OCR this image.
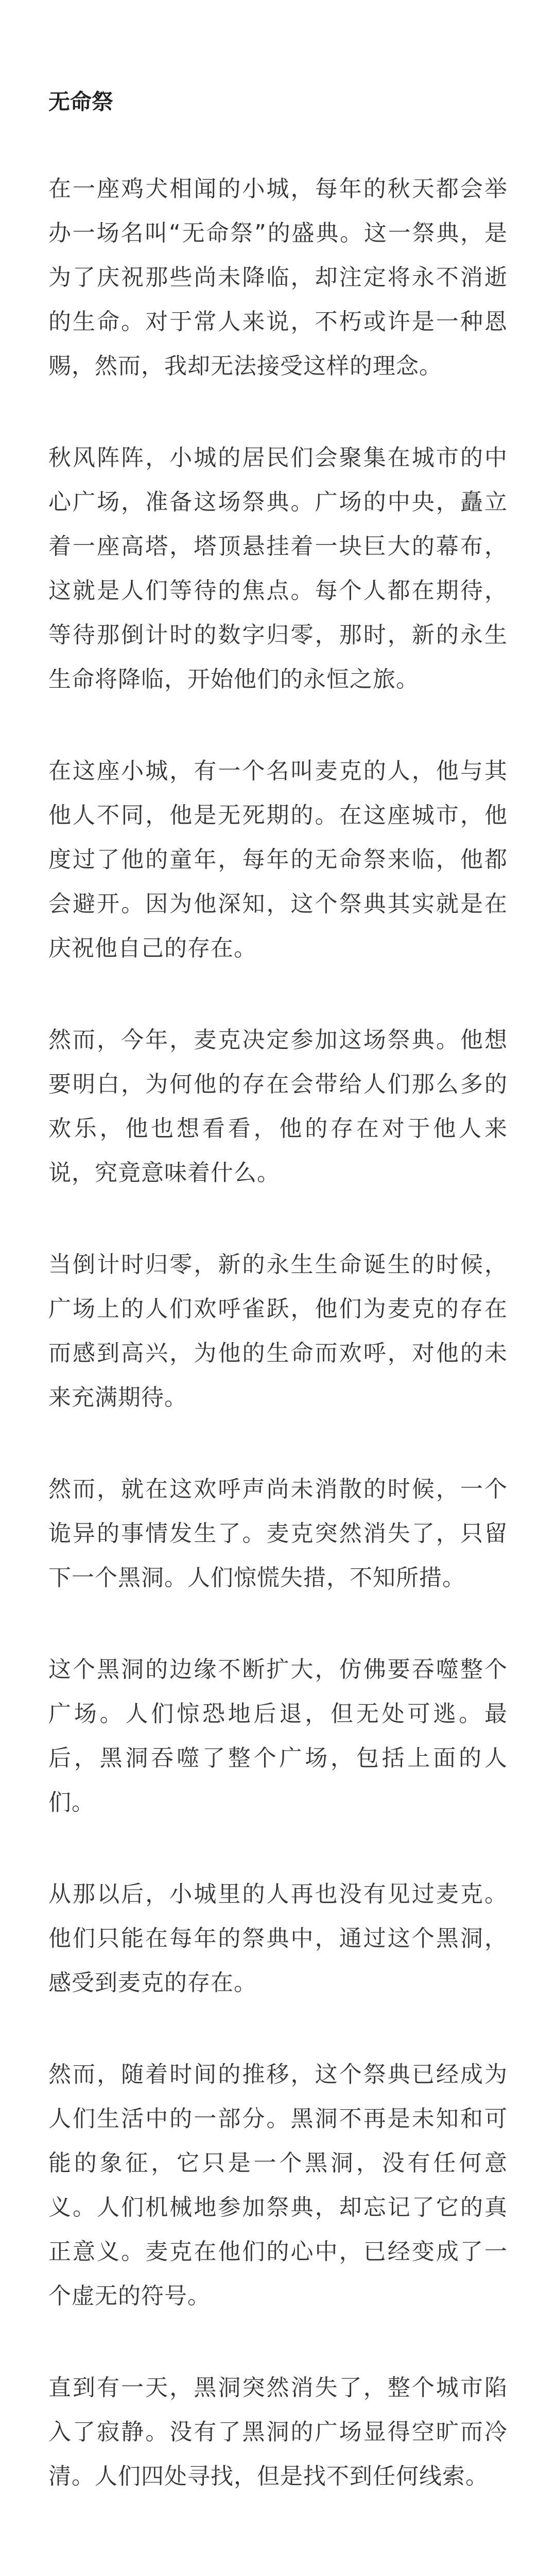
无命祭

在一座鸡犬相闻的小城，每年的秋天都会举办一场名叫“无命祭”的盛典。这一祭典，是为了庆祝那些尚未降临，却注定将永不消逝的生命。对于常人来说，不朽或许是一种恩赐，然而，我却无法接受这样的理念。

秋风阵阵，小城的居民们会聚集在城市的中心广场，准备这场祭典。广场的中央，矗立着一座高塔，塔顶悬挂着一块巨大的幕布，这就是人们等待的焦点。每个人都在期待，等待那倒计时的数字归零，那时，新的永生生命将降临，开始他们的永恒之旅。

在这座小城，有一个名叫麦克的人，他与其他人不同，他是无死期的。在这座城市，他度过了他的童年，每年的无命祭来临，他都会避开。因为他深知，这个祭典其实就是在庆祝他自己的存在。

然而，今年，麦克决定参加这场祭典。他想要明白，为何他的存在会带给人们那么多的欢乐，他也想看看，他的存在对于他人来说，究竟意味着什么。

当倒计时归零，新的永生生命诞生的时候，广场上的人们欢呼雀跃，他们为麦克的存在而感到高兴，为他的生命而欢呼，对他的未来充满期待。

然而，就在这欢呼声尚未消散的时候，一个诡异的事情发生了。麦克突然消失了，只留下一个黑洞。人们惊慌失措，不知所措。

这个黑洞的边缘不断扩大，仿佛要吞噬整个广场。人们惊恐地后退，但无处可逃。最后，黑洞吞噬了整个广场，包括上面的人们。

从那以后，小城里的人再也没有见过麦克。他们只能在每年的祭典中，通过这个黑洞，感受到麦克的存在。

然而，随着时间的推移，这个祭典已经成为人们生活中的一部分。黑洞不再是未知和可能的象征，它只是一个黑洞，没有任何意义。人们机械地参加祭典，却忘记了它的真正意义。麦克在他们的心中，已经变成了一个虚无的符号。

直到有一天，黑洞突然消失了，整个城市陷入了寂静。没有了黑洞的广场显得空旷而冷清。人们四处寻找，但是找不到任何线索。
